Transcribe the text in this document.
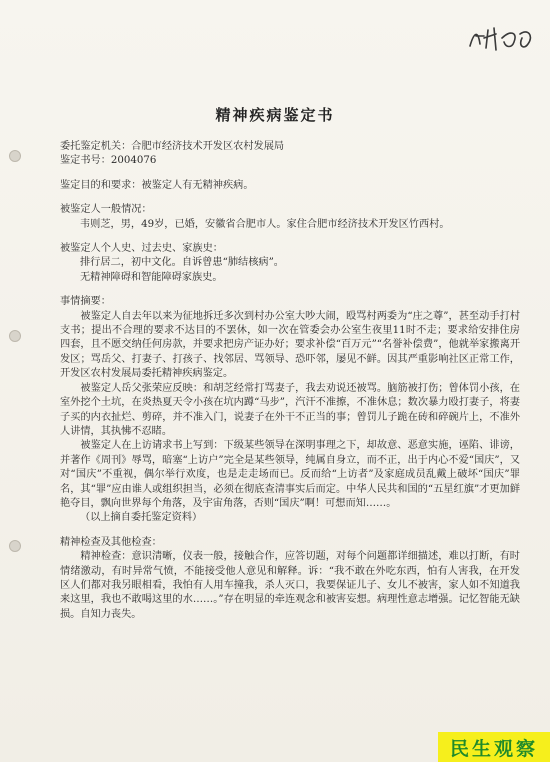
精神疾病鉴定书
委托鉴定机关：合肥市经济技术开发区农村发展局
鉴定书号：2004076
鉴定目的和要求：被鉴定人有无精神疾病。
被鉴定人一般情况：
韦则芝，男，49岁，已婚，安徽省合肥市人。家住合肥市经济技术开发区竹西村。
被鉴定人个人史、过去史、家族史：
排行居二，初中文化。自诉曾患“肺结核病”。
无精神障碍和智能障碍家族史。
事情摘要：

被鉴定人自去年以来为征地拆迁多次到村办公室大吵大闹，殴骂村两委为“庄之尊”，甚至动手打村支书；提出不合理的要求不达目的不罢休，如一次在管委会办公室生夜里11时不走；要求给安排住房四套，且不愿交纳任何房款，并要求把房产证办好；要求补偿“百万元”“名誉补偿费”，他就举家搬离开发区；骂岳父、打妻子、打孩子、找邻居、骂领导、恐吓邻，屡见不鲜。因其严重影响社区正常工作，开发区农村发展局委托精神疾病鉴定。

被鉴定人岳父张荣应反映：和胡芝经常打骂妻子，我去劝说还被骂。脑筋被打伤；曾体罚小孩，在室外挖个土坑，在炎热夏天令小孩在坑内蹲“马步”，汽汗不准擦，不准休息；数次暴力殴打妻子，将妻子买的内衣扯烂、剪碎，并不准入门，说妻子在外干不正当的事；曾罚儿子跪在砖和碎碗片上，不准外人讲情，其执怫不忍睹。

被鉴定人在上访请求书上写到：下级某些领导在深明事理之下，却故意、恶意实施，诬陷、诽谤，并著作《周刊》辱骂，暗塞“上访户”完全是某些领导，纯属自身立，而不正，出于内心不爱“国庆”，又对“国庆”不重视，偶尔举行欢度，也是走走场而已。反而给“上访者”及家庭成员乱戴上破坏“国庆”罪名，其“罪”应由谁人或组织担当，必须在彻底查清事实后而定。中华人民共和国的“五星红旗”才更加鲜艳夺目，飘向世界每个角落，及宇宙角落，否则“国庆”啊！可想而知……。

（以上摘自委托鉴定资料）
精神检查及其他检查：

精神检查：意识清晰，仪表一般，接触合作，应答切题，对每个问题都详细描述，难以打断，有时情绪激动，有时异常气愤，不能接受他人意见和解释。诉：“我不敢在外吃东西，怕有人害我，在开发区人们都对我另眼相看，我怕有人用车撞我，杀人灭口，我要保证儿子、女儿不被害，家人如不知道我来这里，我也不敢喝这里的水……。”存在明显的牵连观念和被害妄想。病理性意志增强。记忆智能无缺损。自知力丧失。

民生观察
